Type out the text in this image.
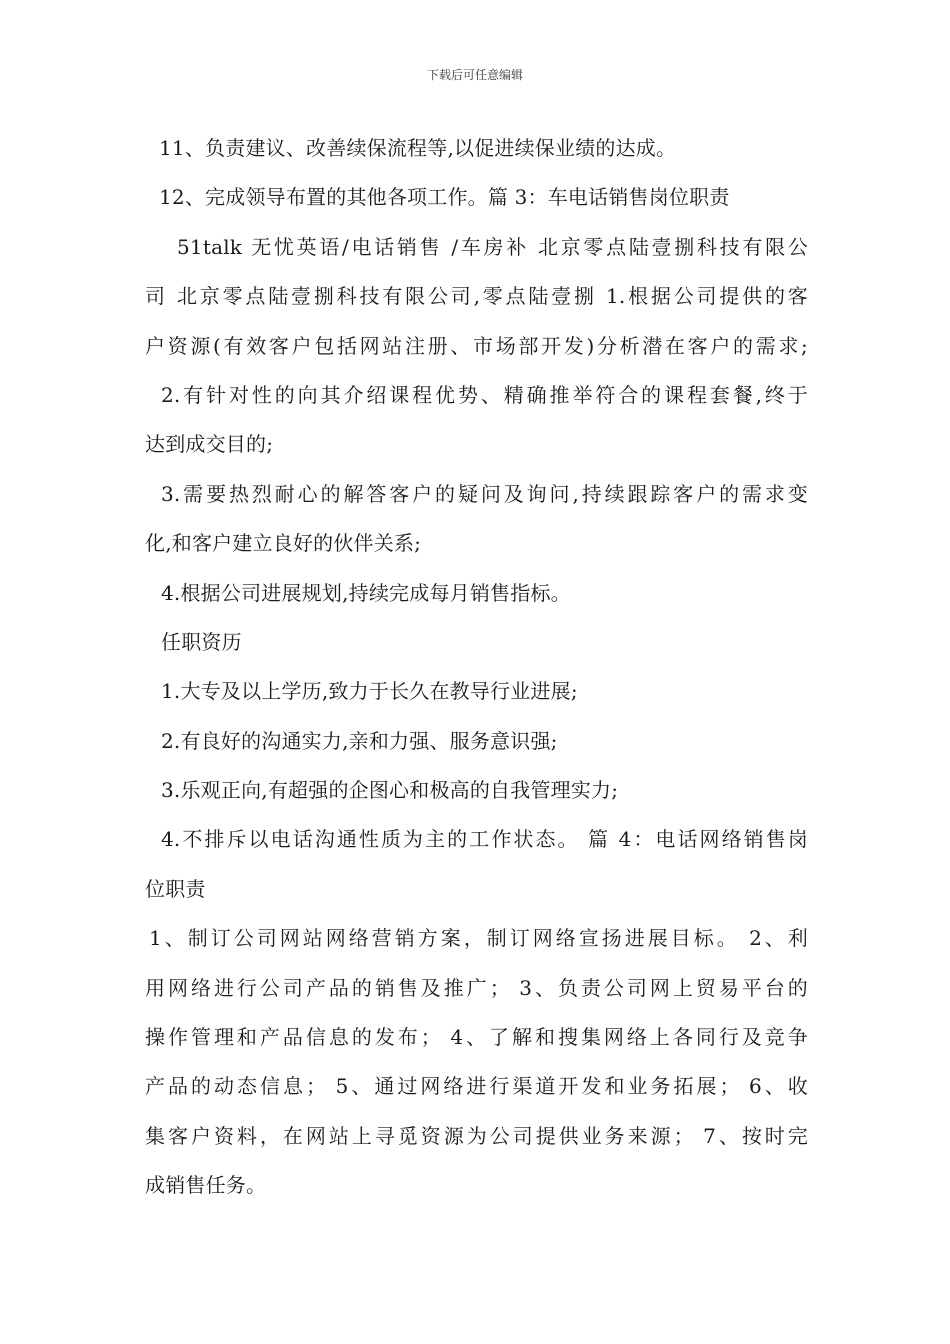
下载后可任意编辑
11、负责建议、改善续保流程等,以促进续保业绩的达成。
12、完成领导布置的其他各项工作。篇 3：车电话销售岗位职责
51talk 无忧英语/电话销售 /车房补 北京零点陆壹捌科技有限公
司 北京零点陆壹捌科技有限公司,零点陆壹捌 1.根据公司提供的客
户资源(有效客户包括网站注册、市场部开发)分析潜在客户的需求;
2.有针对性的向其介绍课程优势、精确推举符合的课程套餐,终于
达到成交目的;
3.需要热烈耐心的解答客户的疑问及询问,持续跟踪客户的需求变
化,和客户建立良好的伙伴关系;
4.根据公司进展规划,持续完成每月销售指标。
任职资历
1.大专及以上学历,致力于长久在教导行业进展;
2.有良好的沟通实力,亲和力强、服务意识强;
3.乐观正向,有超强的企图心和极高的自我管理实力;
4.不排斥以电话沟通性质为主的工作状态。 篇 4：电话网络销售岗
位职责
1、制订公司网站网络营销方案，制订网络宣扬进展目标。 2、利
用网络进行公司产品的销售及推广； 3、负责公司网上贸易平台的
操作管理和产品信息的发布； 4、了解和搜集网络上各同行及竞争
产品的动态信息； 5、通过网络进行渠道开发和业务拓展； 6、收
集客户资料，在网站上寻觅资源为公司提供业务来源； 7、按时完
成销售任务。
